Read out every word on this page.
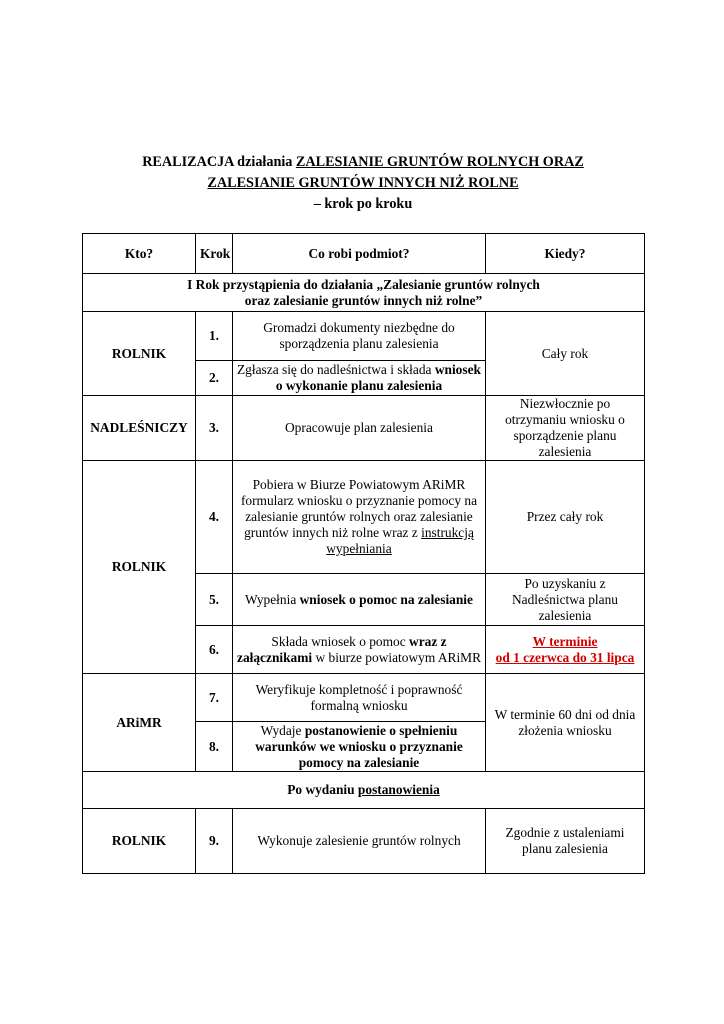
REALIZACJA działania ZALESIANIE GRUNTÓW ROLNYCH ORAZ
ZALESIANIE GRUNTÓW INNYCH NIŻ ROLNE
– krok po kroku
Kto?	Krok	Co robi podmiot?	Kiedy?

I Rok przystąpienia do działania „Zalesianie gruntów rolnych
oraz zalesianie gruntów innych niż rolne”			

ROLNIK	1.	Gromadzi dokumenty niezbędne do sporządzenia planu zalesienia	Cały rok
	2.	Zgłasza się do nadleśnictwa i składa wniosek o wykonanie planu zalesienia	
NADLEŚNICZY	3.	Opracowuje plan zalesienia	Niezwłocznie po otrzymaniu wniosku o sporządzenie planu zalesienia
ROLNIK	4.	Pobiera w Biurze Powiatowym ARiMR formularz wniosku o przyznanie pomocy na zalesianie gruntów rolnych oraz zalesianie gruntów innych niż rolne wraz z instrukcją wypełniania	Przez cały rok
	5.	Wypełnia wniosek o pomoc na zalesianie	Po uzyskaniu z Nadleśnictwa planu zalesienia
	6.	Składa wniosek o pomoc wraz z załącznikami w biurze powiatowym ARiMR	W terminie
od 1 czerwca do 31 lipca

ARiMR	7.	Weryfikuje kompletność i poprawność formalną wniosku	W terminie 60 dni od dnia złożenia wniosku
	8.	Wydaje postanowienie o spełnieniu warunków we wniosku o przyznanie pomocy na zalesianie	
Po wydaniu postanowienia			
ROLNIK	9.	Wykonuje zalesienie gruntów rolnych	Zgodnie z ustaleniami planu zalesienia
